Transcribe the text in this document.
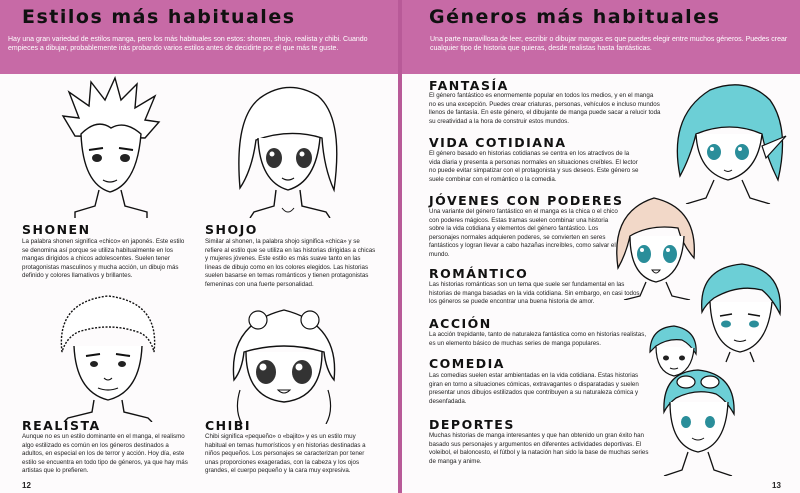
Estilos más habituales

Hay una gran variedad de estilos manga, pero los más habituales son estos: shonen, shojo, realista y chibi. Cuando empieces a dibujar, probablemente irás probando varios estilos antes de decidirte por el que más te guste.

SHONEN

La palabra shonen significa «chico» en japonés. Este estilo se denomina así porque se utiliza habitualmente en los mangas dirigidos a chicos adolescentes. Suelen tener protagonistas masculinos y mucha acción, un dibujo más definido y colores llamativos y brillantes.

SHOJO

Similar al shonen, la palabra shojo significa «chica» y se refiere al estilo que se utiliza en las historias dirigidas a chicas y mujeres jóvenes. Este estilo es más suave tanto en las líneas de dibujo como en los colores elegidos. Las historias suelen basarse en temas románticos y tienen protagonistas femeninas con una fuerte personalidad.

REALISTA

Aunque no es un estilo dominante en el manga, el realismo algo estilizado es común en los géneros destinados a adultos, en especial en los de terror y acción. Hoy día, este estilo se encuentra en todo tipo de géneros, ya que hay más artistas que lo prefieren.

CHIBI

Chibi significa «pequeño» o «bajito» y es un estilo muy habitual en temas humorísticos y en historias destinadas a niños pequeños. Los personajes se caracterizan por tener unas proporciones exageradas, con la cabeza y los ojos grandes, el cuerpo pequeño y la cara muy expresiva.

12
Géneros más habituales

Una parte maravillosa de leer, escribir o dibujar mangas es que puedes elegir entre muchos géneros. Puedes crear cualquier tipo de historia que quieras, desde realistas hasta fantásticas.

FANTASÍA

El género fantástico es enormemente popular en todos los medios, y en el manga no es una excepción. Puedes crear criaturas, personas, vehículos e incluso mundos llenos de fantasía. En este género, el dibujante de manga puede sacar a relucir toda su creatividad a la hora de construir estos mundos.

VIDA COTIDIANA

El género basado en historias cotidianas se centra en los atractivos de la vida diaria y presenta a personas normales en situaciones creíbles. El lector no puede evitar simpatizar con el protagonista y sus deseos. Este género se suele combinar con el romántico o la comedia.

JÓVENES CON PODERES

Una variante del género fantástico en el manga es la chica o el chico con poderes mágicos. Estas tramas suelen combinar una historia sobre la vida cotidiana y elementos del género fantástico. Los personajes normales adquieren poderes, se convierten en seres fantásticos y logran llevar a cabo hazañas increíbles, como salvar el mundo.

ROMÁNTICO

Las historias románticas son un tema que suele ser fundamental en las historias de manga basadas en la vida cotidiana. Sin embargo, en casi todos los géneros se puede encontrar una buena historia de amor.

ACCIÓN

La acción trepidante, tanto de naturaleza fantástica como en historias realistas, es un elemento básico de muchas series de manga populares.

COMEDIA

Las comedias suelen estar ambientadas en la vida cotidiana. Estas historias giran en torno a situaciones cómicas, extravagantes o disparatadas y suelen presentar unos dibujos estilizados que contribuyen a su naturaleza cómica y desenfadada.

DEPORTES

Muchas historias de manga interesantes y que han obtenido un gran éxito han basado sus personajes y argumentos en diferentes actividades deportivas. El voleibol, el baloncesto, el fútbol y la natación han sido la base de muchas series de manga y anime.

13
